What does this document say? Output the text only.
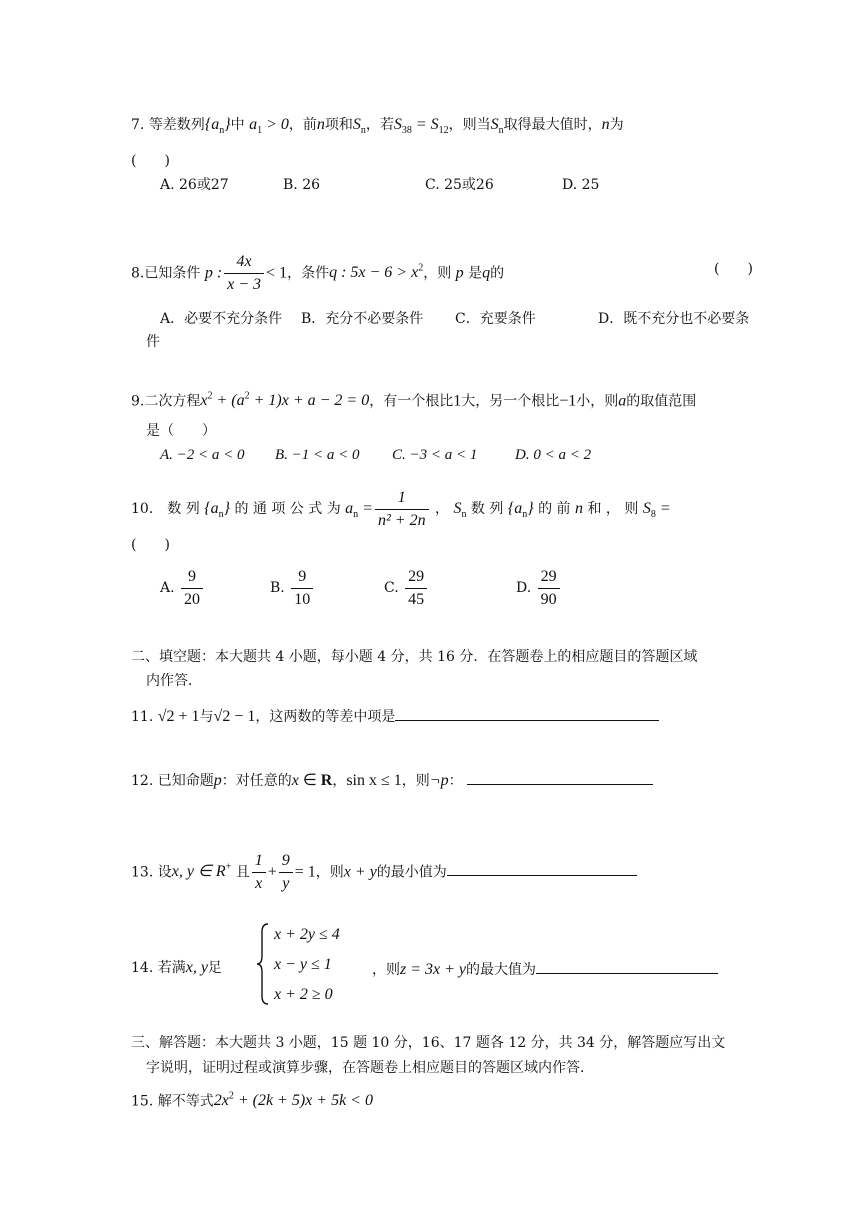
7. 等差数列$\{a_n\}$中 $a_1 > 0$，前n项和$S_n$，若$S_{38} = S_{12}$，则当$S_n$取得最大值时，n为
(　　)
A. 26或27	B. 26	C. 25或26	D. 25
8.已知条件 p : $\frac{4x}{x - 3} < 1$，条件q : $5x - 6 > x^2$，则 p 是q的	(　　)
A．必要不充分条件 B．充分不必要条件 C．充要条件	D．既不充分也不必要条
件
9.二次方程$x^2 + (a^2 + 1)x + a - 2 = 0$，有一个根比1大，另一个根比−1小，则a的取值范围
是（　　）
A. −2 < a < 0 B. −1 < a < 0 C. −3 < a < 1	D. 0 < a < 2
10． 数 列 $\{a_n\}$ 的 通 项 公 式 为 $a_n = \frac{1}{\text{n² + 2n}}$ ， $S_n$ 数 列 $\{a_n\}$ 的 前 n 和 ， 则 $S_8$ =
(　　)
A. $\frac{9}{20}$	B. $\frac{9}{10}$	C. $\frac{29}{45}$	D. $\frac{29}{90}$
二、填空题：本大题共 4 小题，每小题 4 分，共 16 分．在答题卷上的相应题目的答题区域
内作答．
11. √2 + 1与√2 − 1，这两数的等差中项是
12. 已知命题p：对任意的x ∈ R，sin x ≤ 1，则¬p：
13. 设x, y ∈ R+ 且 $\frac{1}{x} + \frac{9}{y} = 1$，则x + y的最小值为
14. 若满x, y足
x + 2y ≤ 4
x − y ≤ 1
x + 2 ≥ 0
，则z = 3x + y的最大值为
三、解答题：本大题共 3 小题，15 题 10 分，16、17 题各 12 分，共 34 分，解答题应写出文
字说明，证明过程或演算步骤，在答题卷上相应题目的答题区域内作答．
15. 解不等式$2x^2 + (2k + 5)x + 5k < 0$
